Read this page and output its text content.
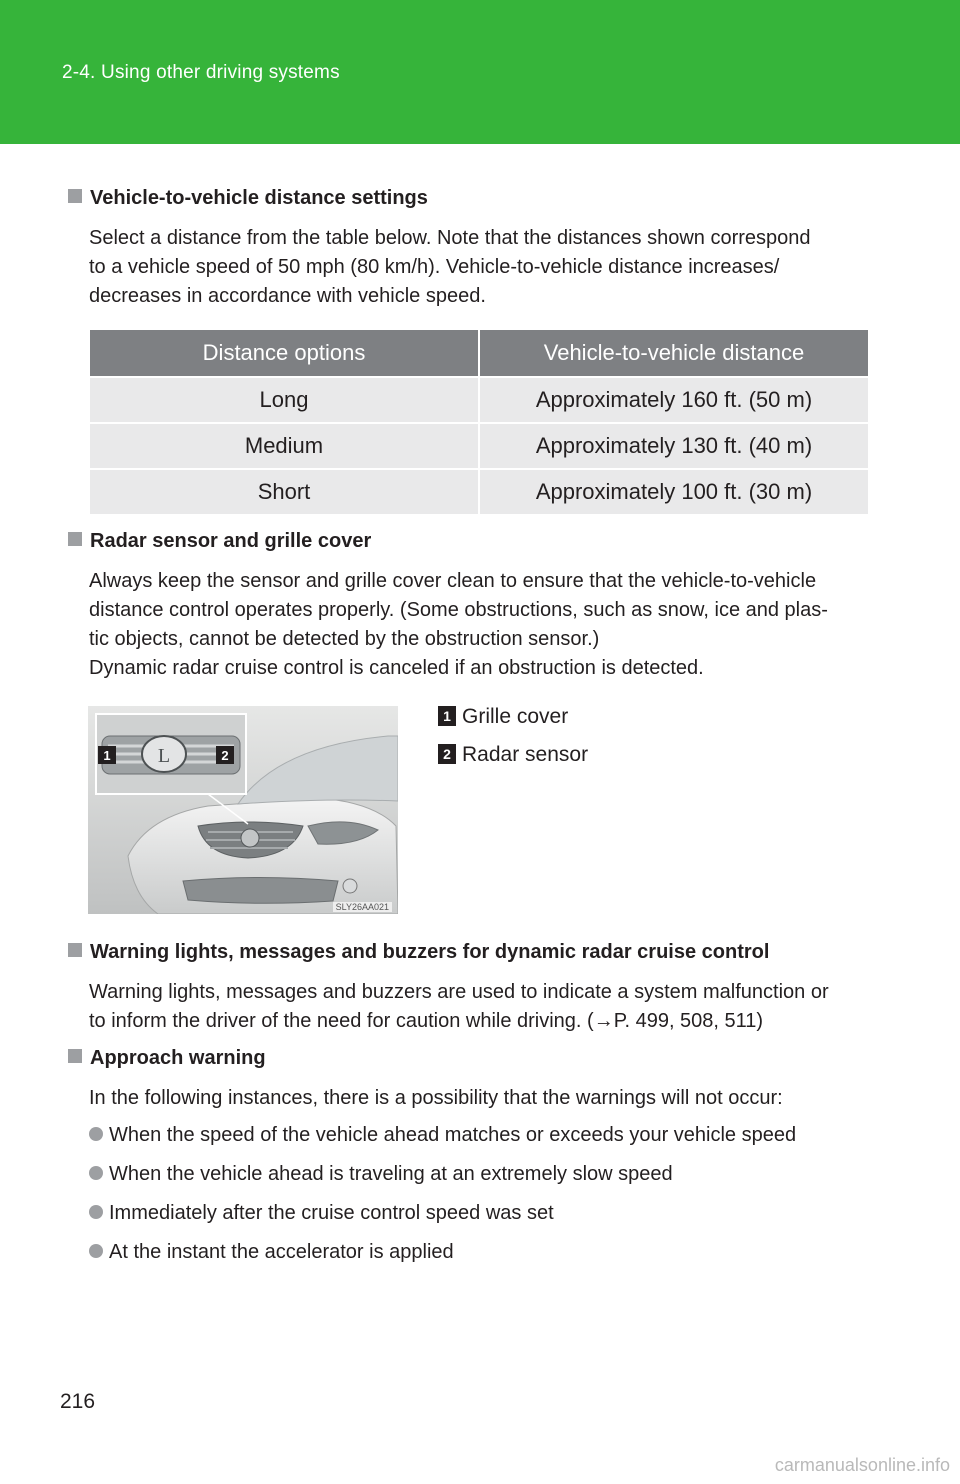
2-4. Using other driving systems
Vehicle-to-vehicle distance settings
Select a distance from the table below. Note that the distances shown correspond
to a vehicle speed of 50 mph (80 km/h). Vehicle-to-vehicle distance increases/
decreases in accordance with vehicle speed.
Distance options	Vehicle-to-vehicle distance
Long	Approximately 160 ft. (50 m)
Medium	Approximately 130 ft. (40 m)
Short	Approximately 100 ft. (30 m)
Radar sensor and grille cover
Always keep the sensor and grille cover clean to ensure that the vehicle-to-vehicle
distance control operates properly. (Some obstructions, such as snow, ice and plas-
tic objects, cannot be detected by the obstruction sensor.)
Dynamic radar cruise control is canceled if an obstruction is detected.
L
1	2
SLY26AA021
1 Grille cover
2 Radar sensor
Warning lights, messages and buzzers for dynamic radar cruise control
Warning lights, messages and buzzers are used to indicate a system malfunction or
to inform the driver of the need for caution while driving. (→P. 499, 508, 511)
Approach warning
In the following instances, there is a possibility that the warnings will not occur:
When the speed of the vehicle ahead matches or exceeds your vehicle speed
When the vehicle ahead is traveling at an extremely slow speed
Immediately after the cruise control speed was set
At the instant the accelerator is applied
216
carmanualsonline.info
